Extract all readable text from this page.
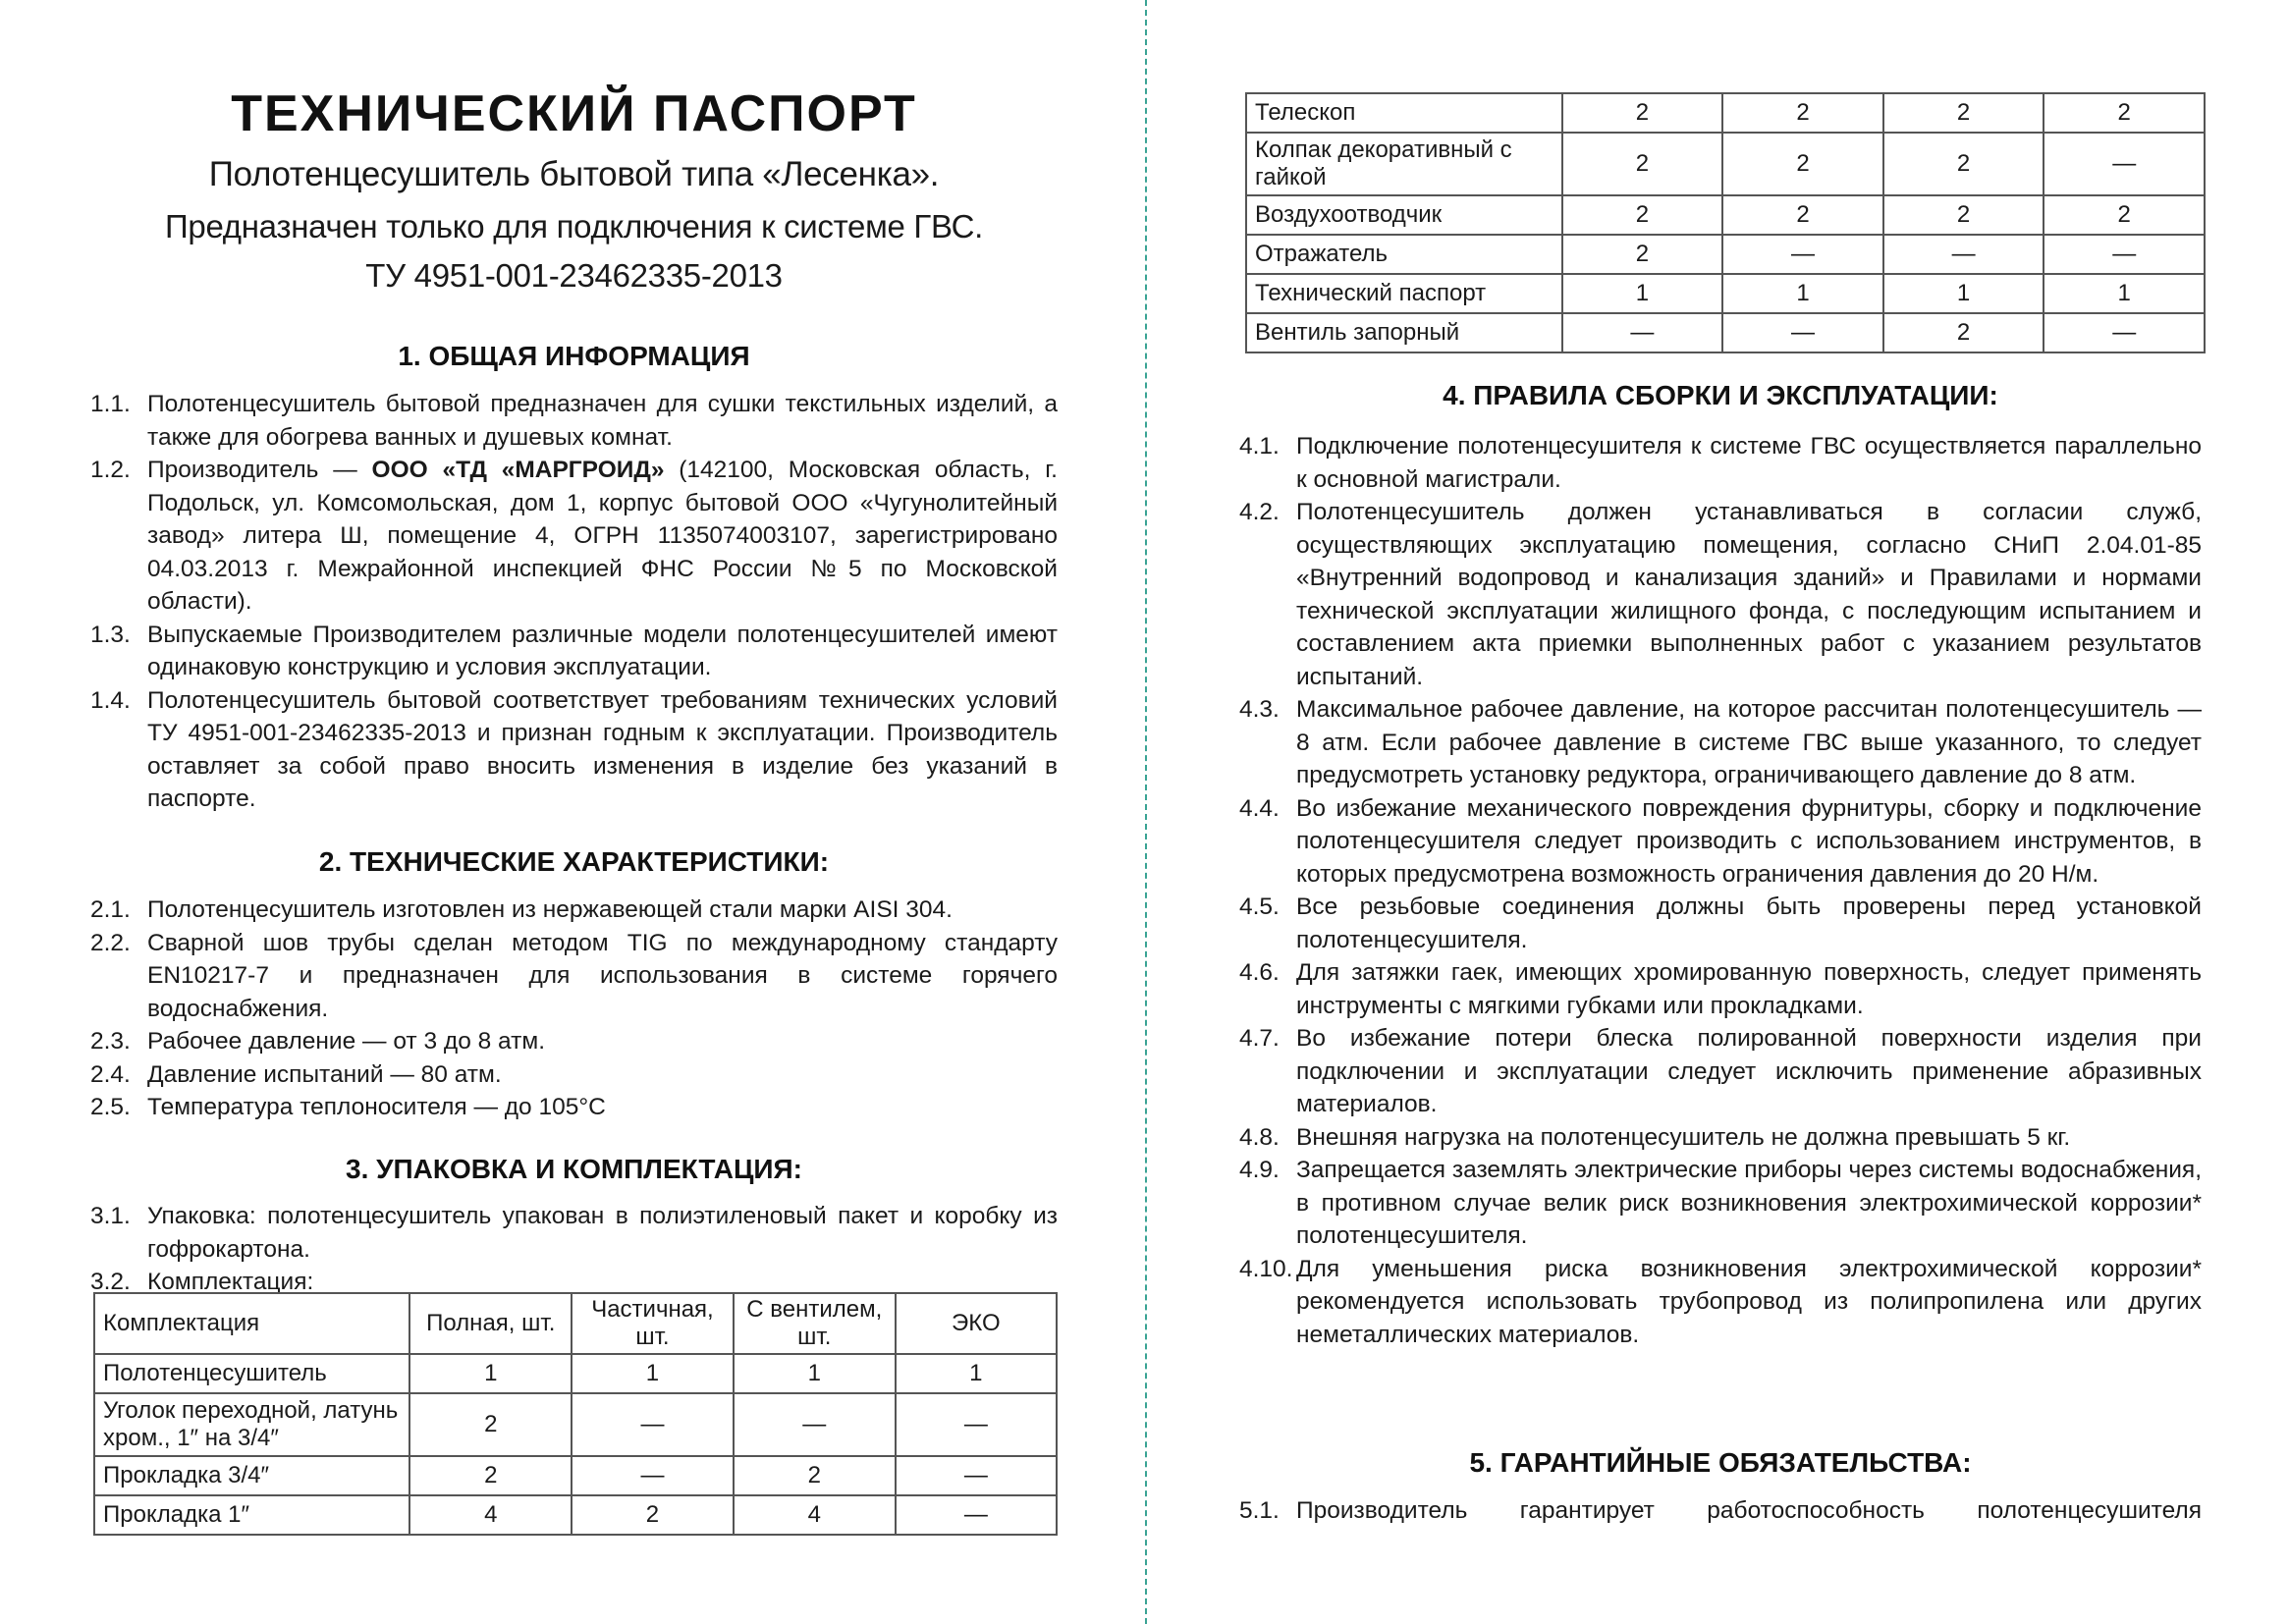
ТЕХНИЧЕСКИЙ ПАСПОРТ
Полотенцесушитель бытовой типа «Лесенка».
Предназначен только для подключения к системе ГВС.
ТУ 4951-001-23462335-2013
1. ОБЩАЯ ИНФОРМАЦИЯ
1.1. Полотенцесушитель бытовой предназначен для сушки текстильных изделий, а также для обогрева ванных и душевых комнат.
1.2. Производитель — ООО «ТД «МАРГРОИД» (142100, Московская область, г. Подольск, ул. Комсомольская, дом 1, корпус бытовой ООО «Чугунолитейный завод» литера Ш, помещение 4, ОГРН 1135074003107, зарегистрировано 04.03.2013 г. Межрайонной инспекцией ФНС России №5 по Московской области).
1.3. Выпускаемые Производителем различные модели полотенцесушителей имеют одинаковую конструкцию и условия эксплуатации.
1.4. Полотенцесушитель бытовой соответствует требованиям технических условий ТУ 4951-001-23462335-2013 и признан годным к эксплуатации. Производитель оставляет за собой право вносить изменения в изделие без указаний в паспорте.
2. ТЕХНИЧЕСКИЕ ХАРАКТЕРИСТИКИ:
2.1. Полотенцесушитель изготовлен из нержавеющей стали марки AISI 304.
2.2. Сварной шов трубы сделан методом TIG по международному стандарту EN10217-7 и предназначен для использования в системе горячего водоснабжения.
2.3. Рабочее давление — от 3 до 8 атм.
2.4. Давление испытаний — 80 атм.
2.5. Температура теплоносителя — до 105°C
3. УПАКОВКА И КОМПЛЕКТАЦИЯ:
3.1. Упаковка: полотенцесушитель упакован в полиэтиленовый пакет и коробку из гофрокартона.
3.2. Комплектация:
Комплектация	Полная, шт.	Частичная, шт.	С вентилем, шт.	ЭКО
Полотенцесушитель	1	1	1	1
Уголок переходной, латунь хром., 1″ на 3/4″	2	—	—	—
Прокладка 3/4″	2	—	2	—
Прокладка 1″	4	2	4	—
Телескоп	2	2	2	2
Колпак декоративный с гайкой	2	2	2	—
Воздухоотводчик	2	2	2	2
Отражатель	2	—	—	—
Технический паспорт	1	1	1	1
Вентиль запорный	—	—	2	—
4. ПРАВИЛА СБОРКИ И ЭКСПЛУАТАЦИИ:
4.1. Подключение полотенцесушителя к системе ГВС осуществляется параллельно к основной магистрали.
4.2. Полотенцесушитель должен устанавливаться в согласии служб, осуществляющих эксплуатацию помещения, согласно СНиП 2.04.01-85 «Внутренний водопровод и канализация зданий» и Правилами и нормами технической эксплуатации жилищного фонда, с последующим испытанием и составлением акта приемки выполненных работ с указанием результатов испытаний.
4.3. Максимальное рабочее давление, на которое рассчитан полотенцесушитель — 8 атм. Если рабочее давление в системе ГВС выше указанного, то следует предусмотреть установку редуктора, ограничивающего давление до 8 атм.
4.4. Во избежание механического повреждения фурнитуры, сборку и подключение полотенцесушителя следует производить с использованием инструментов, в которых предусмотрена возможность ограничения давления до 20 Н/м.
4.5. Все резьбовые соединения должны быть проверены перед установкой полотенцесушителя.
4.6. Для затяжки гаек, имеющих хромированную поверхность, следует применять инструменты с мягкими губками или прокладками.
4.7. Во избежание потери блеска полированной поверхности изделия при подключении и эксплуатации следует исключить применение абразивных материалов.
4.8. Внешняя нагрузка на полотенцесушитель не должна превышать 5 кг.
4.9. Запрещается заземлять электрические приборы через системы водоснабжения, в противном случае велик риск возникновения электрохимической коррозии* полотенцесушителя.
4.10. Для уменьшения риска возникновения электрохимической коррозии* рекомендуется использовать трубопровод из полипропилена или других неметаллических материалов.
5. ГАРАНТИЙНЫЕ ОБЯЗАТЕЛЬСТВА:
5.1. Производитель гарантирует работоспособность полотенцесушителя
